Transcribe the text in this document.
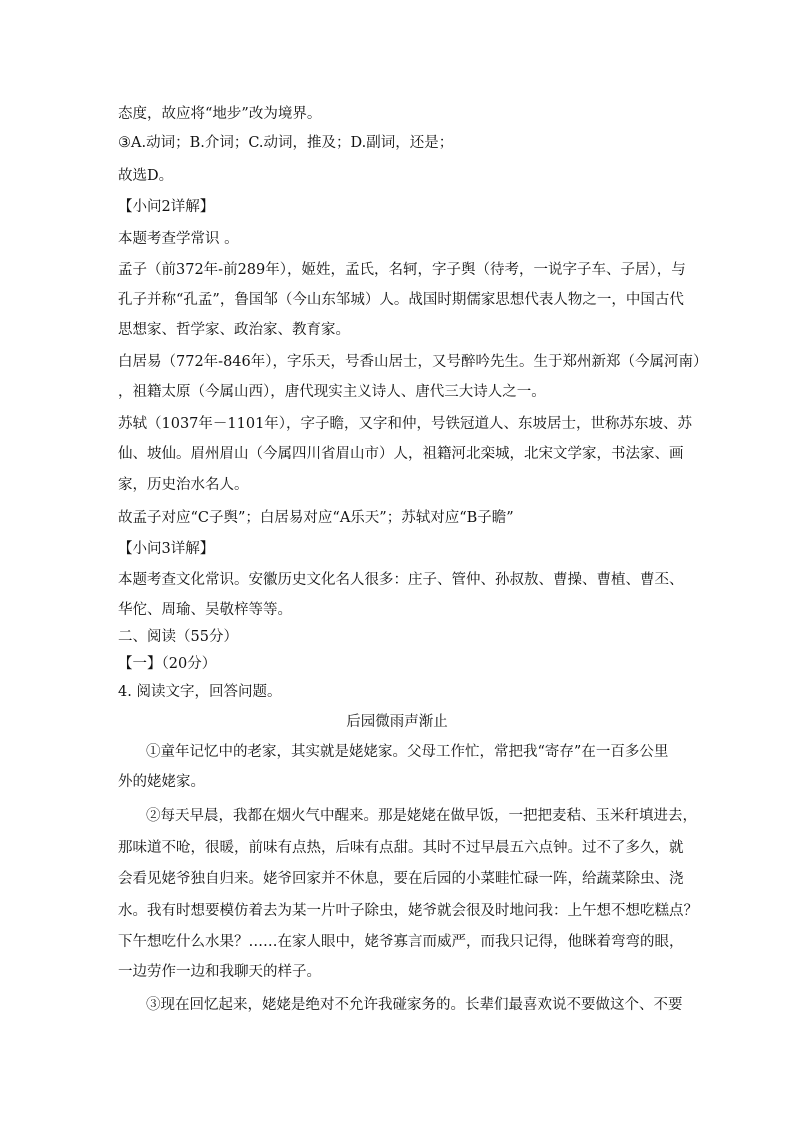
态度，故应将“地步”改为境界。
③A.动词；B.介词；C.动词，推及；D.副词，还是；
故选D。
【小问2详解】
本题考查学常识 。
孟子（前372年-前289年），姬姓，孟氏，名轲，字子舆（待考，一说字子车、子居），与
孔子并称“孔孟”，鲁国邹（今山东邹城）人。战国时期儒家思想代表人物之一，中国古代
思想家、哲学家、政治家、教育家。
白居易（772年-846年），字乐天，号香山居士，又号醉吟先生。生于郑州新郑（今属河南）
，祖籍太原（今属山西），唐代现实主义诗人、唐代三大诗人之一。
苏轼（1037年－1101年），字子瞻，又字和仲，号铁冠道人、东坡居士，世称苏东坡、苏
仙、坡仙。眉州眉山（今属四川省眉山市）人，祖籍河北栾城，北宋文学家，书法家、画
家，历史治水名人。
故孟子对应“C子舆”；白居易对应“A乐天”；苏轼对应“B子瞻”
【小问3详解】
本题考查文化常识。安徽历史文化名人很多：庄子、管仲、孙叔敖、曹操、曹植、曹丕、
华佗、周瑜、吴敬梓等等。
二、阅读（55分）
【一】（20分）
4. 阅读文字，回答问题。
后园微雨声渐止
①童年记忆中的老家，其实就是姥姥家。父母工作忙，常把我“寄存”在一百多公里
外的姥姥家。
②每天早晨，我都在烟火气中醒来。那是姥姥在做早饭，一把把麦秸、玉米秆填进去，
那味道不呛，很暖，前味有点热，后味有点甜。其时不过早晨五六点钟。过不了多久，就
会看见姥爷独自归来。姥爷回家并不休息，要在后园的小菜畦忙碌一阵，给蔬菜除虫、浇
水。我有时想要模仿着去为某一片叶子除虫，姥爷就会很及时地问我：上午想不想吃糕点？
下午想吃什么水果？……在家人眼中，姥爷寡言而威严，而我只记得，他眯着弯弯的眼，
一边劳作一边和我聊天的样子。
③现在回忆起来，姥姥是绝对不允许我碰家务的。长辈们最喜欢说不要做这个、不要
